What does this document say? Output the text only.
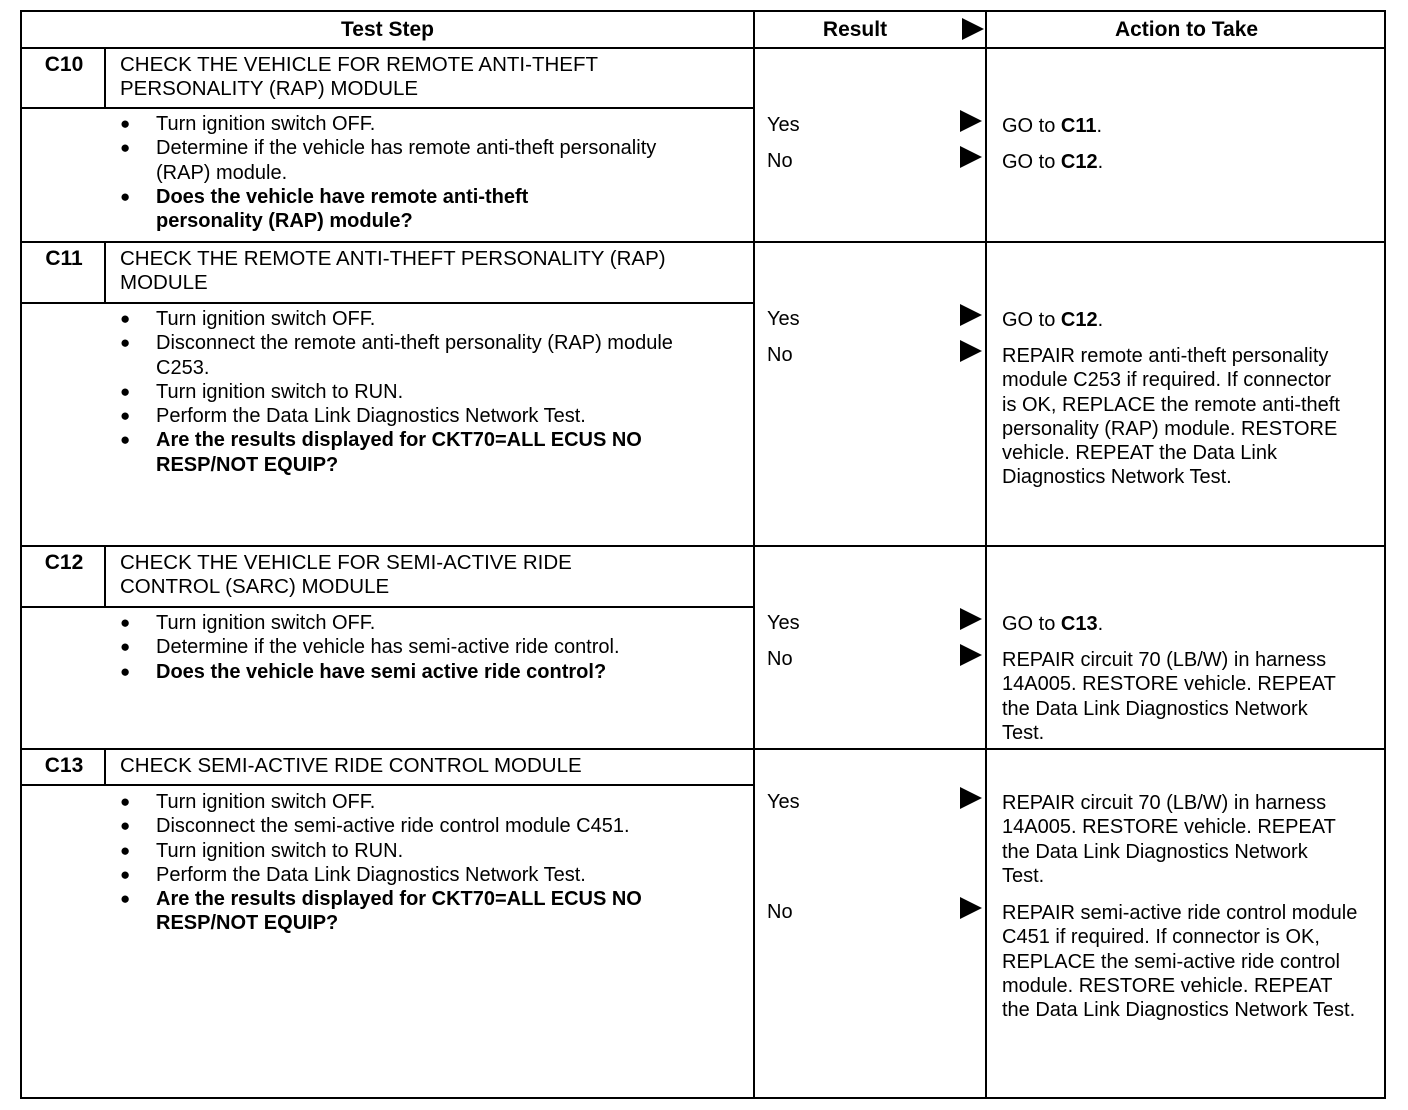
Test Step	Result	Action to Take
C10	CHECK THE VEHICLE FOR REMOTE ANTI-THEFT PERSONALITY (RAP) MODULE
● Turn ignition switch OFF.
● Determine if the vehicle has remote anti-theft personality (RAP) module.
● Does the vehicle have remote anti-theft personality (RAP) module?
Yes	GO to C11.
No	GO to C12.
C11	CHECK THE REMOTE ANTI-THEFT PERSONALITY (RAP) MODULE
● Turn ignition switch OFF.
● Disconnect the remote anti-theft personality (RAP) module C253.
● Turn ignition switch to RUN.
● Perform the Data Link Diagnostics Network Test.
● Are the results displayed for CKT70=ALL ECUS NO RESP/NOT EQUIP?
Yes	GO to C12.
No	REPAIR remote anti-theft personality module C253 if required. If connector is OK, REPLACE the remote anti-theft personality (RAP) module. RESTORE vehicle. REPEAT the Data Link Diagnostics Network Test.
C12	CHECK THE VEHICLE FOR SEMI-ACTIVE RIDE CONTROL (SARC) MODULE
● Turn ignition switch OFF.
● Determine if the vehicle has semi-active ride control.
● Does the vehicle have semi active ride control?
Yes	GO to C13.
No	REPAIR circuit 70 (LB/W) in harness 14A005. RESTORE vehicle. REPEAT the Data Link Diagnostics Network Test.
C13	CHECK SEMI-ACTIVE RIDE CONTROL MODULE
● Turn ignition switch OFF.
● Disconnect the semi-active ride control module C451.
● Turn ignition switch to RUN.
● Perform the Data Link Diagnostics Network Test.
● Are the results displayed for CKT70=ALL ECUS NO RESP/NOT EQUIP?
Yes	REPAIR circuit 70 (LB/W) in harness 14A005. RESTORE vehicle. REPEAT the Data Link Diagnostics Network Test.
No	REPAIR semi-active ride control module C451 if required. If connector is OK, REPLACE the semi-active ride control module. RESTORE vehicle. REPEAT the Data Link Diagnostics Network Test.
